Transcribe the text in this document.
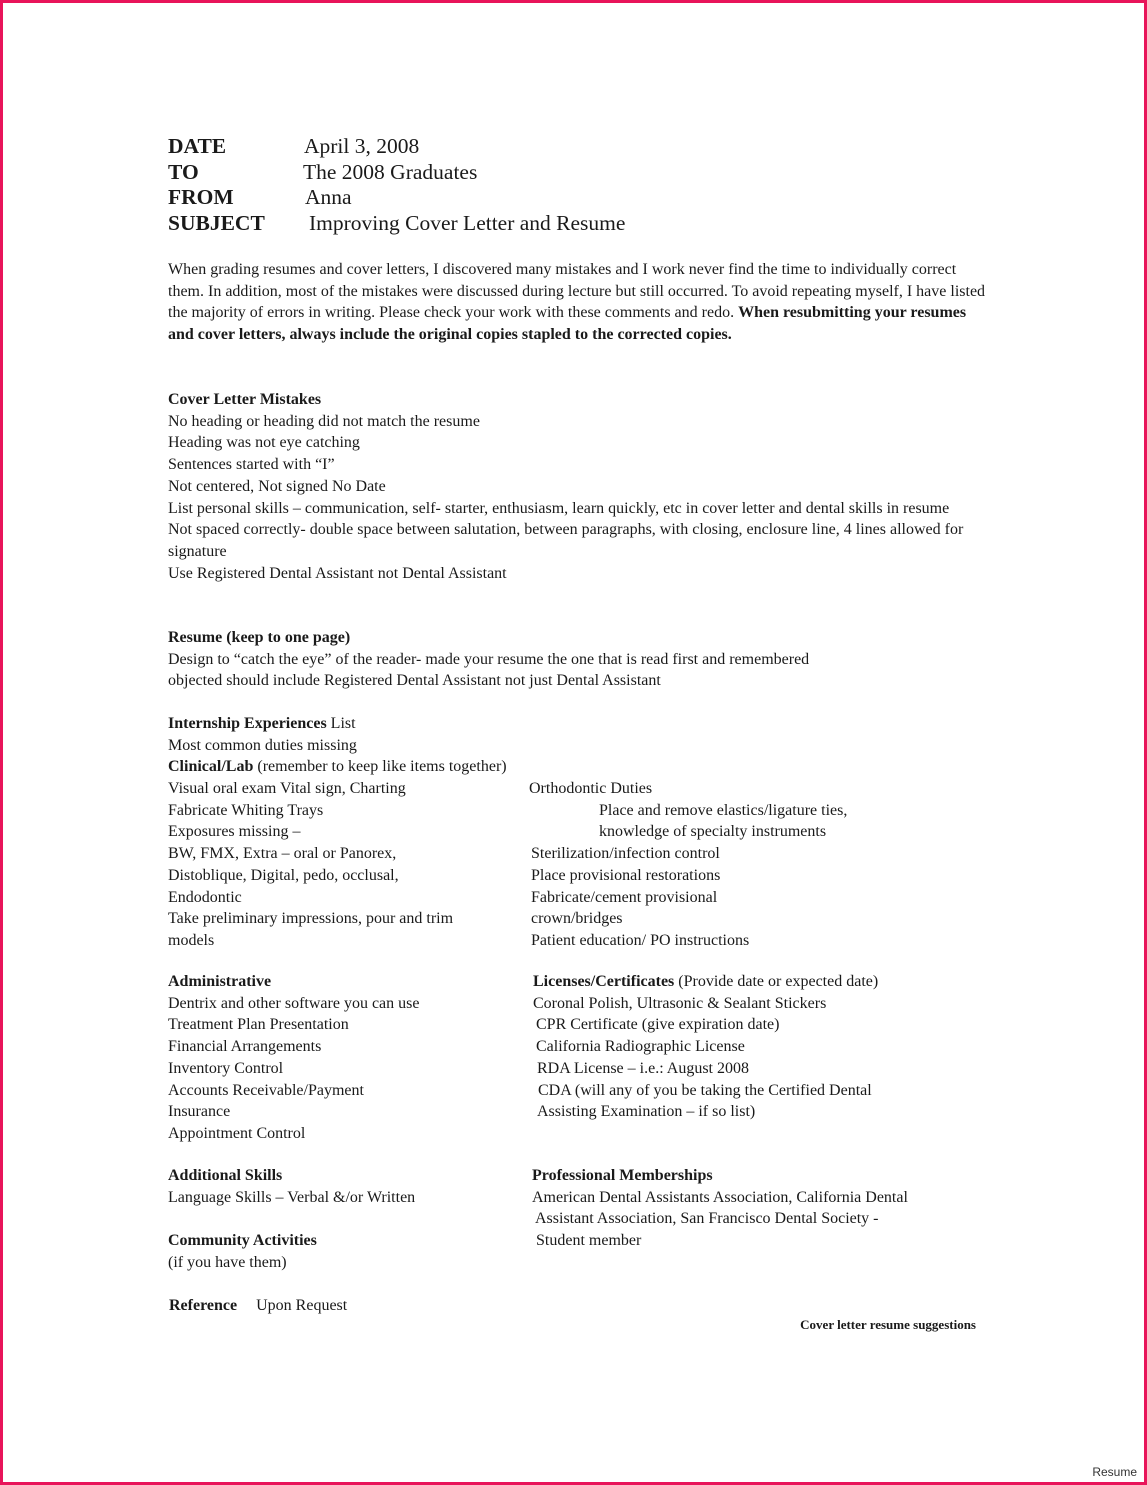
DATE	April 3, 2008
TO	The 2008 Graduates
FROM	Anna
SUBJECT Improving Cover Letter and Resume
When grading resumes and cover letters, I discovered many mistakes and I work never find the time to individually correct them. In addition, most of the mistakes were discussed during lecture but still occurred. To avoid repeating myself, I have listed the majority of errors in writing. Please check your work with these comments and redo. When resubmitting your resumes and cover letters, always include the original copies stapled to the corrected copies.
Cover Letter Mistakes
No heading or heading did not match the resume
Heading was not eye catching
Sentences started with “I”
Not centered, Not signed No Date
List personal skills – communication, self- starter, enthusiasm, learn quickly, etc in cover letter and dental skills in resume
Not spaced correctly- double space between salutation, between paragraphs, with closing, enclosure line, 4 lines allowed for signature
Use Registered Dental Assistant not Dental Assistant
Resume (keep to one page)
Design to “catch the eye” of the reader- made your resume the one that is read first and remembered
objected should include Registered Dental Assistant not just Dental Assistant
Internship Experiences List
Most common duties missing
Clinical/Lab (remember to keep like items together)
Visual oral exam Vital sign, Charting
Fabricate Whiting Trays
Exposures missing –
BW, FMX, Extra – oral or Panorex,
Distoblique, Digital, pedo, occlusal,
Endodontic
Take preliminary impressions, pour and trim
models
Orthodontic Duties
Place and remove elastics/ligature ties,
knowledge of specialty instruments
Sterilization/infection control
Place provisional restorations
Fabricate/cement provisional
crown/bridges
Patient education/ PO instructions
Administrative
Dentrix and other software you can use
Treatment Plan Presentation
Financial Arrangements
Inventory Control
Accounts Receivable/Payment
Insurance
Appointment Control
Licenses/Certificates (Provide date or expected date)
Coronal Polish, Ultrasonic & Sealant Stickers
CPR Certificate (give expiration date)
California Radiographic License
RDA License – i.e.: August 2008
CDA (will any of you be taking the Certified Dental
Assisting Examination – if so list)
Additional Skills
Language Skills – Verbal &/or Written
Professional Memberships
American Dental Assistants Association, California Dental
Assistant Association, San Francisco Dental Society -
Student member
Community Activities
(if you have them)
Reference Upon Request
Cover letter resume suggestions
Resume
